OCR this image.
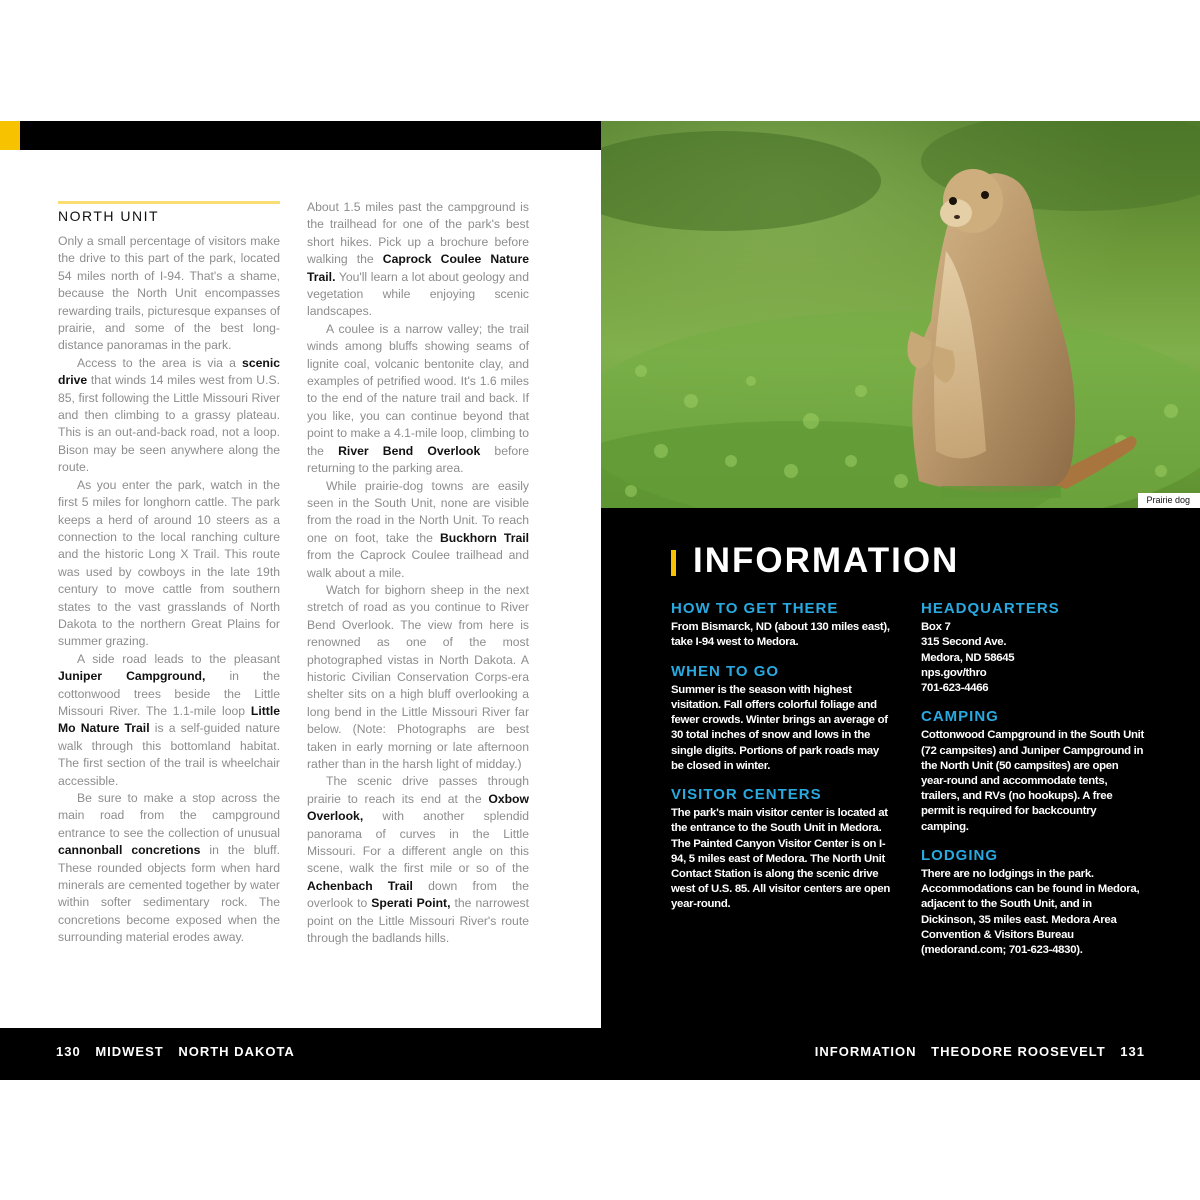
NORTH UNIT

Only a small percentage of visitors make the drive to this part of the park, located 54 miles north of I-94. That's a shame, because the North Unit encompasses rewarding trails, picturesque expanses of prairie, and some of the best long-distance panoramas in the park.

Access to the area is via a scenic drive that winds 14 miles west from U.S. 85, first following the Little Missouri River and then climbing to a grassy plateau. This is an out-and-back road, not a loop. Bison may be seen anywhere along the route.

As you enter the park, watch in the first 5 miles for longhorn cattle. The park keeps a herd of around 10 steers as a connection to the local ranching culture and the historic Long X Trail. This route was used by cowboys in the late 19th century to move cattle from southern states to the vast grasslands of North Dakota to the northern Great Plains for summer grazing.

A side road leads to the pleasant Juniper Campground, in the cottonwood trees beside the Little Missouri River. The 1.1-mile loop Little Mo Nature Trail is a self-guided nature walk through this bottomland habitat. The first section of the trail is wheelchair accessible.

Be sure to make a stop across the main road from the campground entrance to see the collection of unusual cannonball concretions in the bluff. These rounded objects form when hard minerals are cemented together by water within softer sedimentary rock. The concretions become exposed when the surrounding material erodes away.

About 1.5 miles past the campground is the trailhead for one of the park's best short hikes. Pick up a brochure before walking the Caprock Coulee Nature Trail. You'll learn a lot about geology and vegetation while enjoying scenic landscapes.

A coulee is a narrow valley; the trail winds among bluffs showing seams of lignite coal, volcanic bentonite clay, and examples of petrified wood. It's 1.6 miles to the end of the nature trail and back. If you like, you can continue beyond that point to make a 4.1-mile loop, climbing to the River Bend Overlook before returning to the parking area.

While prairie-dog towns are easily seen in the South Unit, none are visible from the road in the North Unit. To reach one on foot, take the Buckhorn Trail from the Caprock Coulee trailhead and walk about a mile.

Watch for bighorn sheep in the next stretch of road as you continue to River Bend Overlook. The view from here is renowned as one of the most photographed vistas in North Dakota. A historic Civilian Conservation Corps-era shelter sits on a high bluff overlooking a long bend in the Little Missouri River far below. (Note: Photographs are best taken in early morning or late afternoon rather than in the harsh light of midday.)

The scenic drive passes through prairie to reach its end at the Oxbow Overlook, with another splendid panorama of curves in the Little Missouri. For a different angle on this scene, walk the first mile or so of the Achenbach Trail down from the overlook to Sperati Point, the narrowest point on the Little Missouri River's route through the badlands hills.

Prairie dog
INFORMATION
HOW TO GET THERE

From Bismarck, ND (about 130 miles east), take I-94 west to Medora.

WHEN TO GO

Summer is the season with highest visitation. Fall offers colorful foliage and fewer crowds. Winter brings an average of 30 total inches of snow and lows in the single digits. Portions of park roads may be closed in winter.

VISITOR CENTERS

The park's main visitor center is located at the entrance to the South Unit in Medora. The Painted Canyon Visitor Center is on I-94, 5 miles east of Medora. The North Unit Contact Station is along the scenic drive west of U.S. 85. All visitor centers are open year-round.

HEADQUARTERS

Box 7

315 Second Ave.

Medora, ND 58645

nps.gov/thro

701-623-4466

CAMPING

Cottonwood Campground in the South Unit (72 campsites) and Juniper Campground in the North Unit (50 campsites) are open year-round and accommodate tents, trailers, and RVs (no hookups). A free permit is required for backcountry camping.

LODGING

There are no lodgings in the park. Accommodations can be found in Medora, adjacent to the South Unit, and in Dickinson, 35 miles east. Medora Area Convention & Visitors Bureau (medorand.com; 701-623-4830).

130 MIDWEST NORTH DAKOTA	INFORMATION THEODORE ROOSEVELT 131
